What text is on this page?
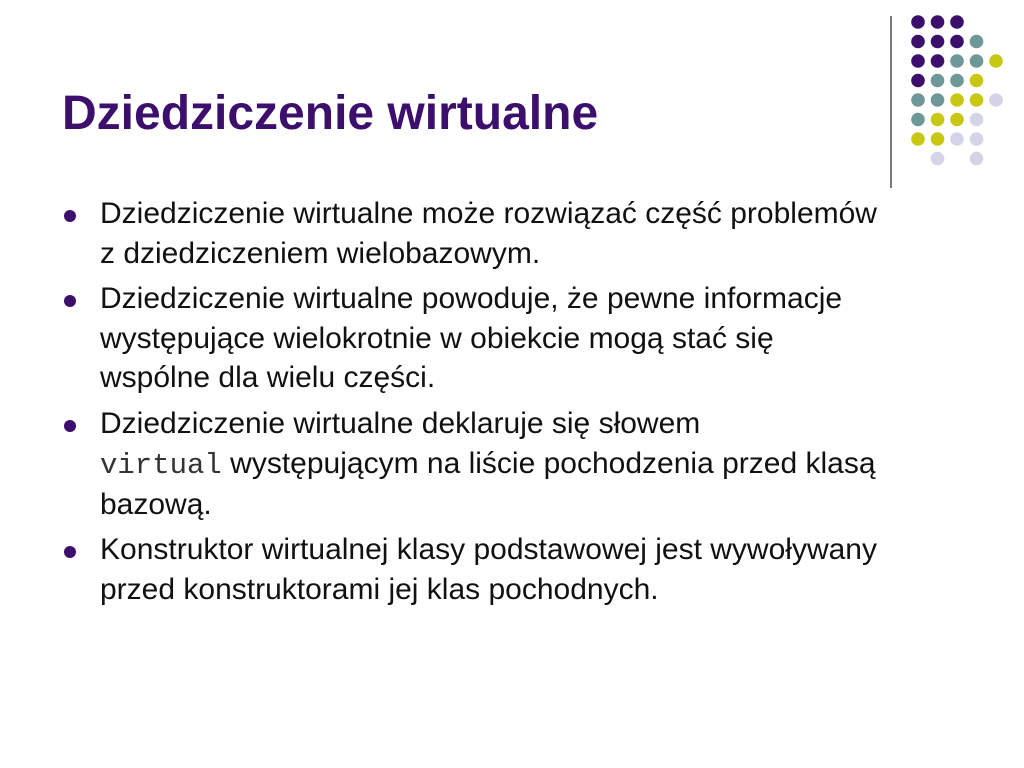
Dziedziczenie wirtualne
Dziedziczenie wirtualne może rozwiązać część problemów z dziedziczeniem wielobazowym.
Dziedziczenie wirtualne powoduje, że pewne informacje występujące wielokrotnie w obiekcie mogą stać się wspólne dla wielu części.
Dziedziczenie wirtualne deklaruje się słowem
virtual występującym na liście pochodzenia przed klasą bazową.
Konstruktor wirtualnej klasy podstawowej jest wywoływany przed konstruktorami jej klas pochodnych.
